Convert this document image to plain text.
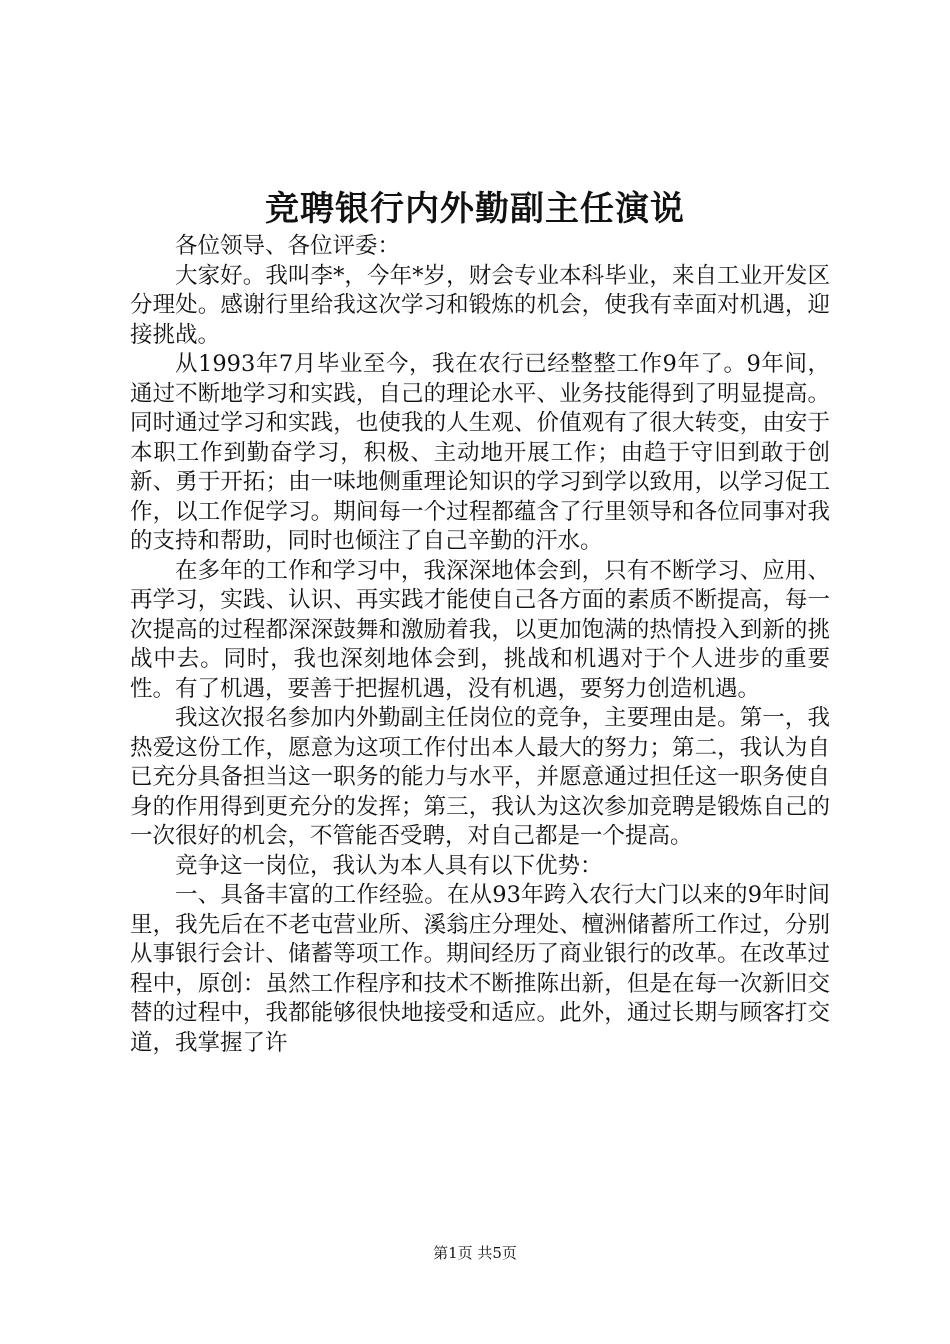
竞聘银行内外勤副主任演说

各位领导、各位评委：

大家好。我叫李*，今年*岁，财会专业本科毕业，来自工业开发区分理处。感谢行里给我这次学习和锻炼的机会，使我有幸面对机遇，迎接挑战。

从1993年7月毕业至今，我在农行已经整整工作9年了。9年间，通过不断地学习和实践，自己的理论水平、业务技能得到了明显提高。同时通过学习和实践，也使我的人生观、价值观有了很大转变，由安于本职工作到勤奋学习，积极、主动地开展工作；由趋于守旧到敢于创新、勇于开拓；由一味地侧重理论知识的学习到学以致用，以学习促工作，以工作促学习。期间每一个过程都蕴含了行里领导和各位同事对我的支持和帮助，同时也倾注了自己辛勤的汗水。

在多年的工作和学习中，我深深地体会到，只有不断学习、应用、再学习，实践、认识、再实践才能使自己各方面的素质不断提高，每一次提高的过程都深深鼓舞和激励着我，以更加饱满的热情投入到新的挑战中去。同时，我也深刻地体会到，挑战和机遇对于个人进步的重要性。有了机遇，要善于把握机遇，没有机遇，要努力创造机遇。

我这次报名参加内外勤副主任岗位的竞争，主要理由是。第一，我热爱这份工作，愿意为这项工作付出本人最大的努力；第二，我认为自已充分具备担当这一职务的能力与水平，并愿意通过担任这一职务使自身的作用得到更充分的发挥；第三，我认为这次参加竞聘是锻炼自己的一次很好的机会，不管能否受聘，对自己都是一个提高。

竞争这一岗位，我认为本人具有以下优势：

一、具备丰富的工作经验。在从93年跨入农行大门以来的9年时间里，我先后在不老屯营业所、溪翁庄分理处、檀洲储蓄所工作过，分别从事银行会计、储蓄等项工作。期间经历了商业银行的改革。在改革过程中，原创：虽然工作程序和技术不断推陈出新，但是在每一次新旧交替的过程中，我都能够很快地接受和适应。此外，通过长期与顾客打交道，我掌握了许

第1页 共5页
